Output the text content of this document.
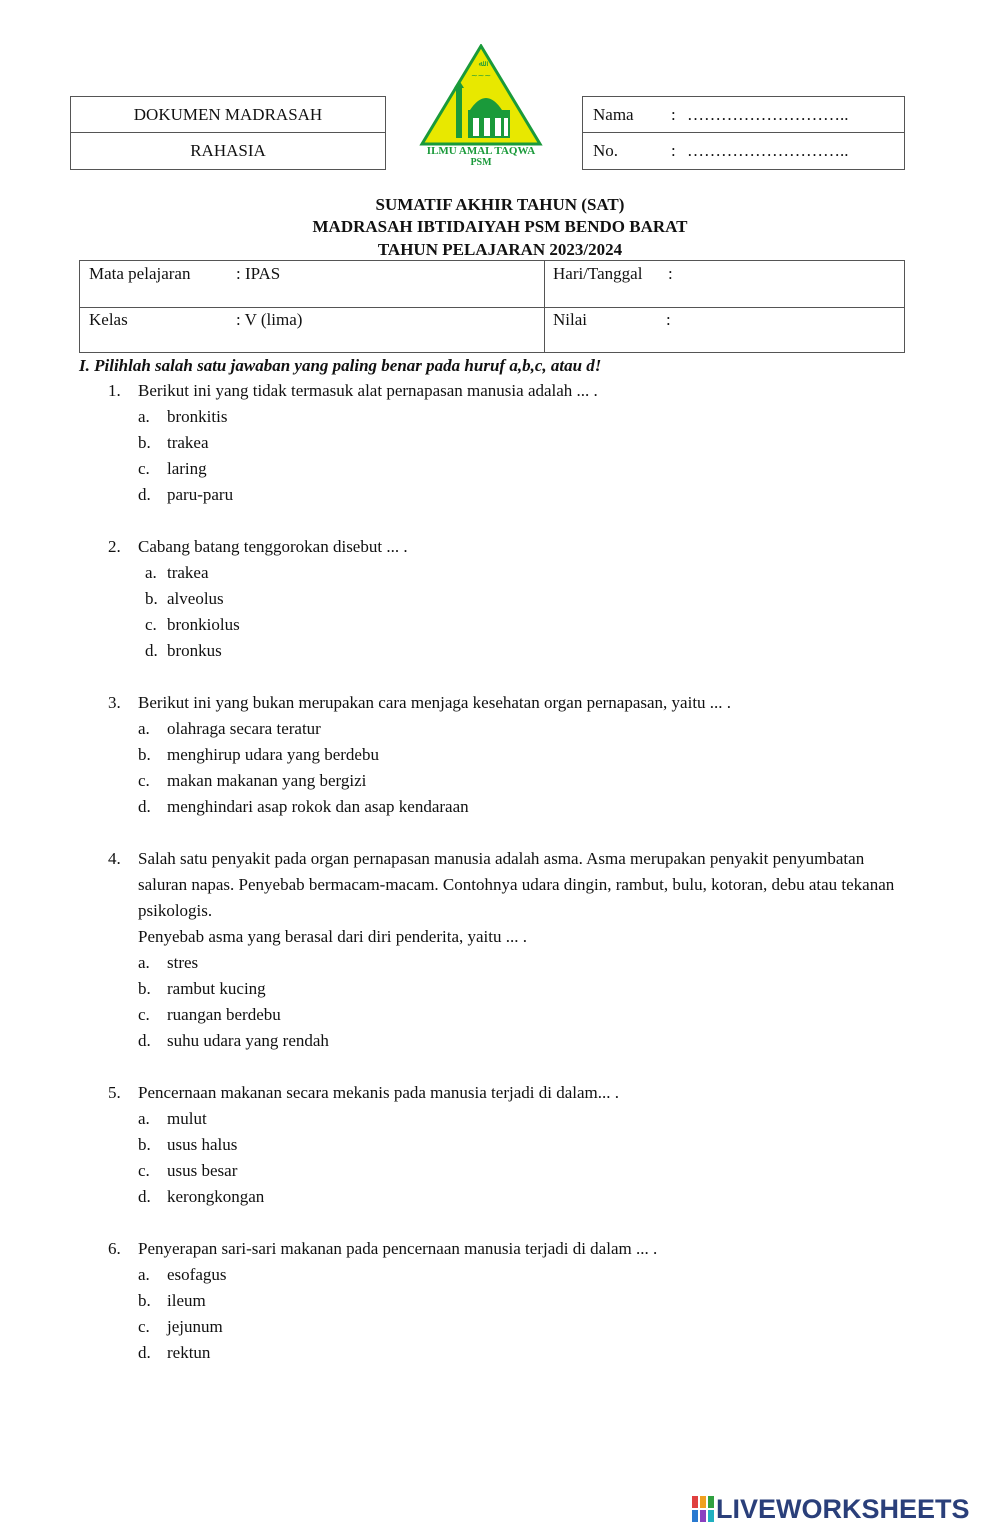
DOKUMEN MADRASAH
RAHASIA
ﷲ
~~~
ILMU AMAL TAQWA
PSM
Nama : ………………………..
No.	: ………………………..
SUMATIF AKHIR TAHUN (SAT)
MADRASAH IBTIDAIYAH PSM BENDO BARAT
TAHUN PELAJARAN 2023/2024
Mata pelajaran	: IPAS	Hari/Tanggal :
Kelas	: V (lima)	Nilai	:
I. Pilihlah salah satu jawaban yang paling benar pada huruf a,b,c, atau d!
1.	Berikut ini yang tidak termasuk alat pernapasan manusia adalah ... .
a. bronkitis
b. trakea
c. laring
d. paru-paru
2.	Cabang batang tenggorokan disebut ... .
a. trakea
b. alveolus
c. bronkiolus
d. bronkus
3.	Berikut ini yang bukan merupakan cara menjaga kesehatan organ pernapasan, yaitu ... .
a. olahraga secara teratur
b. menghirup udara yang berdebu
c. makan makanan yang bergizi
d. menghindari asap rokok dan asap kendaraan
4.	Salah satu penyakit pada organ pernapasan manusia adalah asma. Asma merupakan penyakit penyumbatan saluran napas. Penyebab bermacam-macam. Contohnya udara dingin, rambut, bulu, kotoran, debu atau tekanan psikologis.
Penyebab asma yang berasal dari diri penderita, yaitu ... .
a. stres
b. rambut kucing
c. ruangan berdebu
d. suhu udara yang rendah
5.	Pencernaan makanan secara mekanis pada manusia terjadi di dalam... .
a. mulut
b. usus halus
c. usus besar
d. kerongkongan
6.	Penyerapan sari-sari makanan pada pencernaan manusia terjadi di dalam ... .
a. esofagus
b. ileum
c. jejunum
d. rektun
LIVEWORKSHEETS
